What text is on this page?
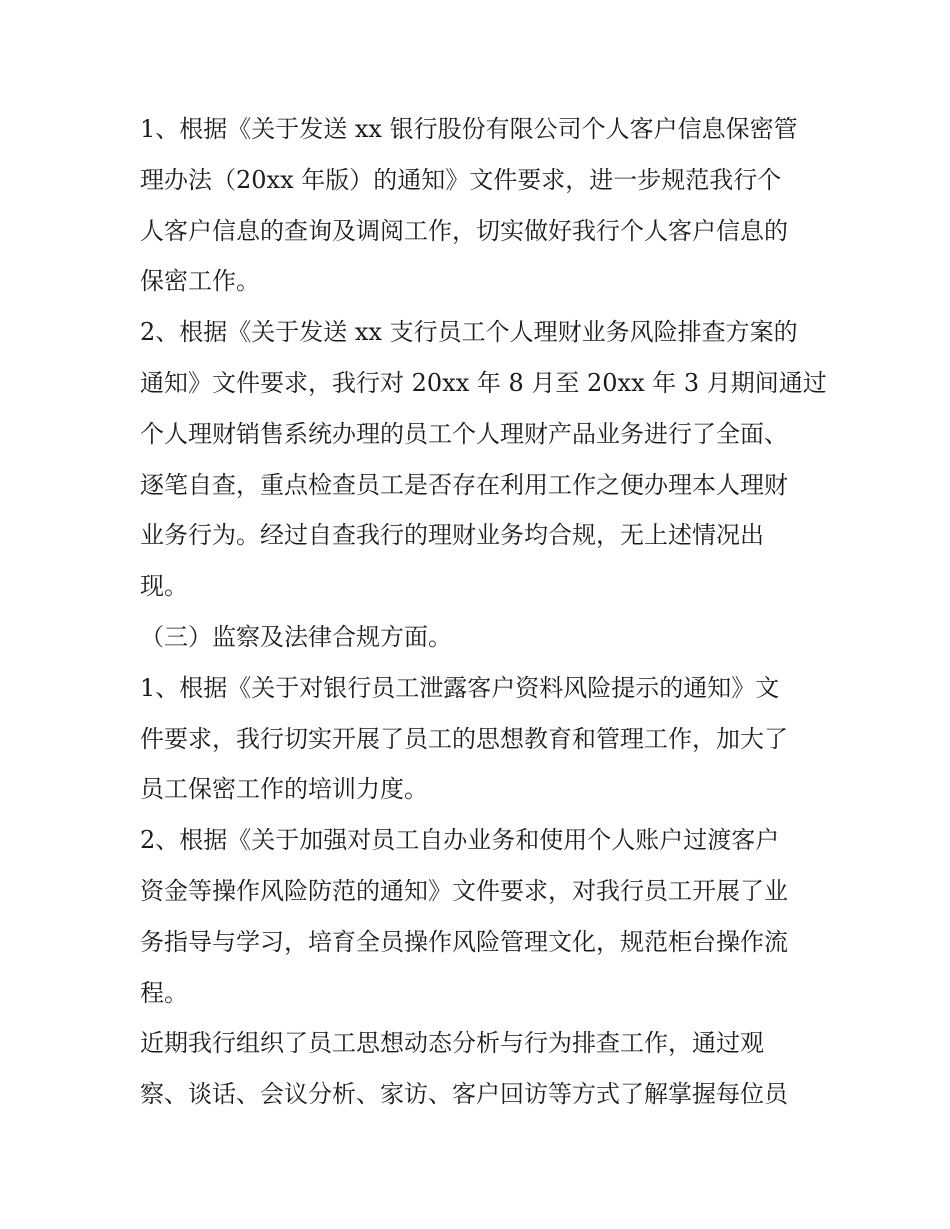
1、根据《关于发送 xx 银行股份有限公司个人客户信息保密管
理办法（20xx 年版）的通知》文件要求，进一步规范我行个
人客户信息的查询及调阅工作，切实做好我行个人客户信息的
保密工作。
2、根据《关于发送 xx 支行员工个人理财业务风险排查方案的
通知》文件要求，我行对 20xx 年 8 月至 20xx 年 3 月期间通过
个人理财销售系统办理的员工个人理财产品业务进行了全面、
逐笔自查，重点检查员工是否存在利用工作之便办理本人理财
业务行为。经过自查我行的理财业务均合规，无上述情况出
现。
（三）监察及法律合规方面。
1、根据《关于对银行员工泄露客户资料风险提示的通知》文
件要求，我行切实开展了员工的思想教育和管理工作，加大了
员工保密工作的培训力度。
2、根据《关于加强对员工自办业务和使用个人账户过渡客户
资金等操作风险防范的通知》文件要求，对我行员工开展了业
务指导与学习，培育全员操作风险管理文化，规范柜台操作流
程。
近期我行组织了员工思想动态分析与行为排查工作，通过观
察、谈话、会议分析、家访、客户回访等方式了解掌握每位员
